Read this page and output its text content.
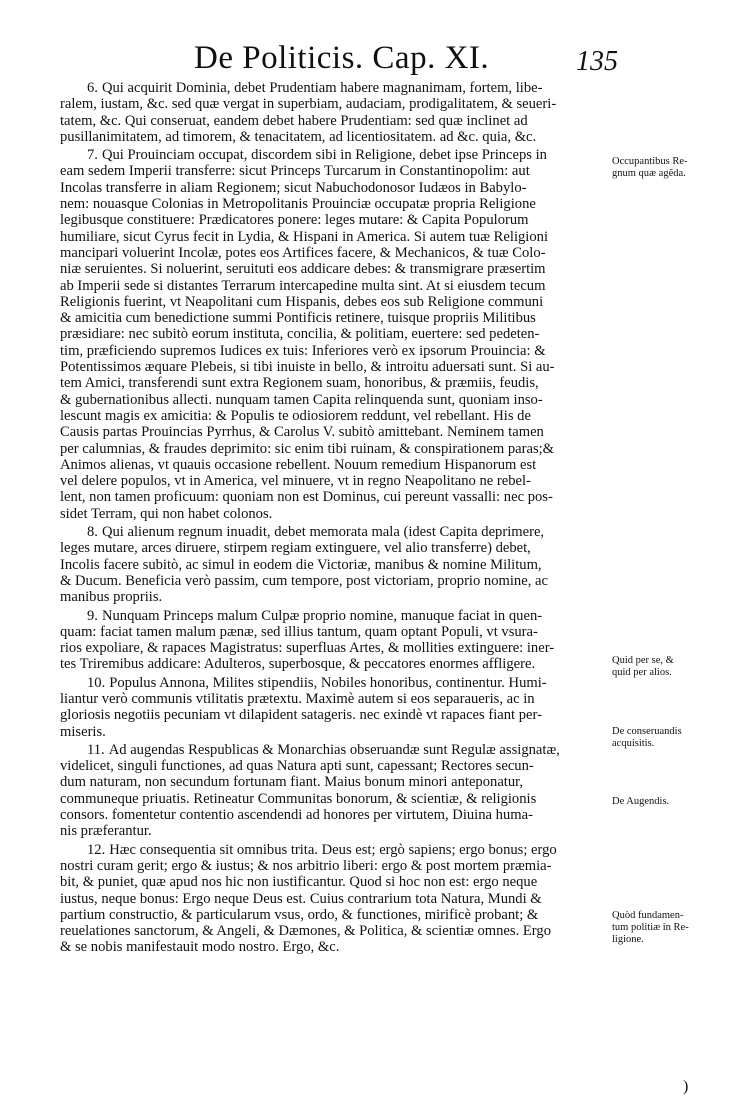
De Politicis. Cap. XI.	135

6. Qui acquirit Dominia, debet Prudentiam habere magnanimam, fortem, libe-
ralem, iustam, &c. sed quæ vergat in superbiam, audaciam, prodigalitatem, & seueri-
tatem, &c. Qui conseruat, eandem debet habere Prudentiam: sed quæ inclinet ad
pusillanimitatem, ad timorem, & tenacitatem, ad licentiositatem. ad &c. quia, &c.

7. Qui Prouinciam occupat, discordem sibi in Religione, debet ipse Princeps in
eam sedem Imperii transferre: sicut Princeps Turcarum in Constantinopolim: aut
Incolas transferre in aliam Regionem; sicut Nabuchodonosor Iudæos in Babylo-
nem: nouasque Colonias in Metropolitanis Prouinciæ occupatæ propria Religione
legibusque constituere: Prædicatores ponere: leges mutare: & Capita Populorum
humiliare, sicut Cyrus fecit in Lydia, & Hispani in America. Si autem tuæ Religioni
mancipari voluerint Incolæ, potes eos Artifices facere, & Mechanicos, & tuæ Colo-
niæ seruientes. Si noluerint, seruituti eos addicare debes: & transmigrare præsertim
ab Imperii sede si distantes Terrarum intercapedine multa sint. At si eiusdem tecum
Religionis fuerint, vt Neapolitani cum Hispanis, debes eos sub Religione communi
& amicitia cum benedictione summi Pontificis retinere, tuisque propriis Militibus
præsidiare: nec subitò eorum instituta, concilia, & politiam, euertere: sed pedeten-
tim, præficiendo supremos Iudices ex tuis: Inferiores verò ex ipsorum Prouincia: &
Potentissimos æquare Plebeis, si tibi inuiste in bello, & introitu aduersati sunt. Si au-
tem Amici, transferendi sunt extra Regionem suam, honoribus, & præmiis, feudis,
& gubernationibus allecti. nunquam tamen Capita relinquenda sunt, quoniam inso-
lescunt magis ex amicitia: & Populis te odiosiorem reddunt, vel rebellant. His de
Causis partas Prouincias Pyrrhus, & Carolus V. subitò amittebant. Neminem tamen
per calumnias, & fraudes deprimito: sic enim tibi ruinam, & conspirationem paras;&
Animos alienas, vt quauis occasione rebellent. Nouum remedium Hispanorum est
vel delere populos, vt in America, vel minuere, vt in regno Neapolitano ne rebel-
lent, non tamen proficuum: quoniam non est Dominus, cui pereunt vassalli: nec pos-
sidet Terram, qui non habet colonos.

8. Qui alienum regnum inuadit, debet memorata mala (idest Capita deprimere,
leges mutare, arces diruere, stirpem regiam extinguere, vel alio transferre) debet,
Incolis facere subitò, ac simul in eodem die Victoriæ, manibus & nomine Militum,
& Ducum. Beneficia verò passim, cum tempore, post victoriam, proprio nomine, ac
manibus propriis.

9. Nunquam Princeps malum Culpæ proprio nomine, manuque faciat in quen-
quam: faciat tamen malum pænæ, sed illius tantum, quam optant Populi, vt vsura-
rios expoliare, & rapaces Magistratus: superfluas Artes, & mollities extinguere: iner-
tes Triremibus addicare: Adulteros, superbosque, & peccatores enormes affligere.

10. Populus Annona, Milites stipendiis, Nobiles honoribus, continentur. Humi-
liantur verò communis vtilitatis prætextu. Maximè autem si eos separaueris, ac in
gloriosis negotiis pecuniam vt dilapident satageris. nec exindè vt rapaces fiant per-
miseris.

11. Ad augendas Respublicas & Monarchias obseruandæ sunt Regulæ assignatæ,
videlicet, singuli functiones, ad quas Natura apti sunt, capessant; Rectores secun-
dum naturam, non secundum fortunam fiant. Maius bonum minori anteponatur,
communeque priuatis. Retineatur Communitas bonorum, & scientiæ, & religionis
consors. fomentetur contentio ascendendi ad honores per virtutem, Diuina huma-
nis præferantur.

12. Hæc consequentia sit omnibus trita. Deus est; ergò sapiens; ergo bonus; ergo
nostri curam gerit; ergo & iustus; & nos arbitrio liberi: ergo & post mortem præmia-
bit, & puniet, quæ apud nos hic non iustificantur. Quod si hoc non est: ergo neque
iustus, neque bonus: Ergo neque Deus est. Cuius contrarium tota Natura, Mundi &
partium constructio, & particularum vsus, ordo, & functiones, mirificè probant; &
reuelationes sanctorum, & Angeli, & Dæmones, & Politica, & scientiæ omnes. Ergo
& se nobis manifestauit modo nostro. Ergo, &c.

Occupantibus Re-
gnum quæ agẽda.
Quid per se, &
quid per alios.
De conseruandis
acquisitis.
De Augendis.
Quòd fundamen-
tum politiæ in Re-
ligione.
)
